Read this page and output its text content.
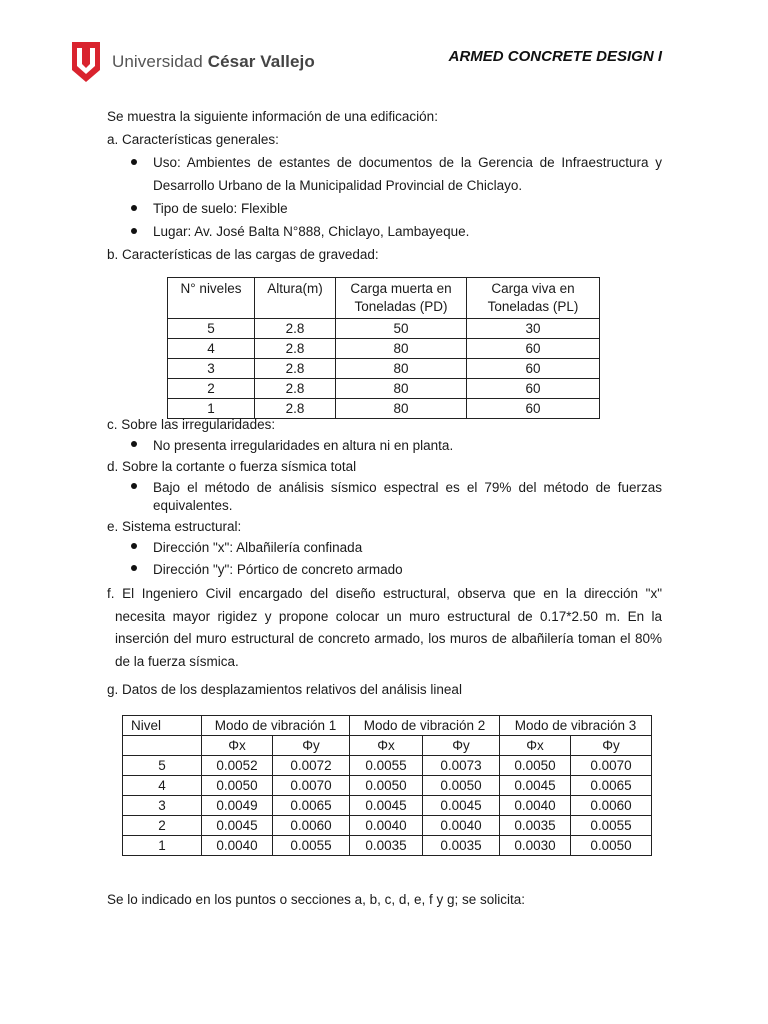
Universidad César Vallejo	ARMED CONCRETE DESIGN I

Se muestra la siguiente información de una edificación:

a. Características generales:

Uso: Ambientes de estantes de documentos de la Gerencia de Infraestructura y Desarrollo Urbano de la Municipalidad Provincial de Chiclayo.
Tipo de suelo: Flexible
Lugar: Av. José Balta N°888, Chiclayo, Lambayeque.

b. Características de las cargas de gravedad:

N° niveles	Altura(m)	Carga muerta en Toneladas (PD)	Carga viva en Toneladas (PL)
5	2.8	50	30
4	2.8	80	60
3	2.8	80	60
2	2.8	80	60
1	2.8	80	60

c. Sobre las irregularidades:

No presenta irregularidades en altura ni en planta.

d. Sobre la cortante o fuerza sísmica total

Bajo el método de análisis sísmico espectral es el 79% del método de fuerzas equivalentes.

e. Sistema estructural:

Dirección "x": Albañilería confinada
Dirección "y": Pórtico de concreto armado

f. El Ingeniero Civil encargado del diseño estructural, observa que en la dirección "x" necesita mayor rigidez y propone colocar un muro estructural de 0.17*2.50 m. En la inserción del muro estructural de concreto armado, los muros de albañilería toman el 80% de la fuerza sísmica.

g. Datos de los desplazamientos relativos del análisis lineal
Nivel	Modo de vibración 1		Modo de vibración 2		Modo de vibración 3	
	Φx	Φy	Φx	Φy	Φx	Φy
5	0.0052	0.0072	0.0055	0.0073	0.0050	0.0070
4	0.0050	0.0070	0.0050	0.0050	0.0045	0.0065
3	0.0049	0.0065	0.0045	0.0045	0.0040	0.0060
2	0.0045	0.0060	0.0040	0.0040	0.0035	0.0055
1	0.0040	0.0055	0.0035	0.0035	0.0030	0.0050
Se lo indicado en los puntos o secciones a, b, c, d, e, f y g; se solicita:
